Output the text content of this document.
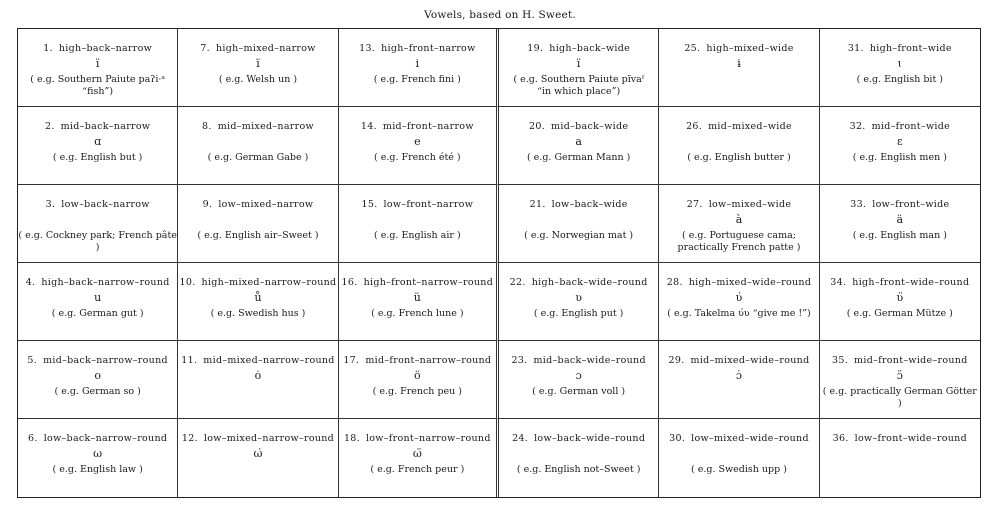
Vowels, based on H. Sweet.
1. high–back–narrow
ï
( e.g. Southern Paiute paʔi·ᵃ “fish”)
7. high–mixed–narrow
ï
( e.g. Welsh un )
13. high–front–narrow
i
( e.g. French fini )
19. high–back–wide
ï
( e.g. Southern Paiute pïvaᶠ
“in which place”)
25. high–mixed–wide
ɨ
31. high–front–wide
ɩ
( e.g. English bit )
2. mid–back–narrow
ɑ
( e.g. English but )
8. mid–mixed–narrow
( e.g. German Gabe )
14. mid–front–narrow
e
( e.g. French été )
20. mid–back–wide
a
( e.g. German Mann )
26. mid–mixed–wide
( e.g. English butter )
32. mid–front–wide
ɛ
( e.g. English men )
3. low–back–narrow
( e.g. Cockney park; French pâte )
9. low–mixed–narrow
( e.g. English air–Sweet )
15. low–front–narrow
( e.g. English air )
21. low–back–wide
( e.g. Norwegian mat )
27. low–mixed–wide
à
( e.g. Portuguese cama;
practically French patte )
33. low–front–wide
ä
( e.g. English man )
4. high–back–narrow–round
u
( e.g. German gut )
10. high–mixed–narrow–round
ů
( e.g. Swedish hus )
16. high–front–narrow–round
ü
( e.g. French lune )
22. high–back–wide–round
ʋ
( e.g. English put )
28. high–mixed–wide–round
ʋ̇
( e.g. Takelma ʋ́ʋ “give me !”)
34. high–front–wide–round
ʋ̈
( e.g. German Mütze )
5. mid–back–narrow–round
o
( e.g. German so )
11. mid–mixed–narrow–round
ȯ
17. mid–front–narrow–round
ö
( e.g. French peu )
23. mid–back–wide–round
ɔ
( e.g. German voll )
29. mid–mixed–wide–round
ɔ̇
35. mid–front–wide–round
ɔ̈
( e.g. practically German Götter )
6. low–back–narrow–round
ω
( e.g. English law )
12. low–mixed–narrow–round
ω̇
18. low–front–narrow–round
ω̈
( e.g. French peur )
24. low–back–wide–round
( e.g. English not–Sweet )
30. low–mixed–wide–round
( e.g. Swedish upp )
36. low–front–wide–round
